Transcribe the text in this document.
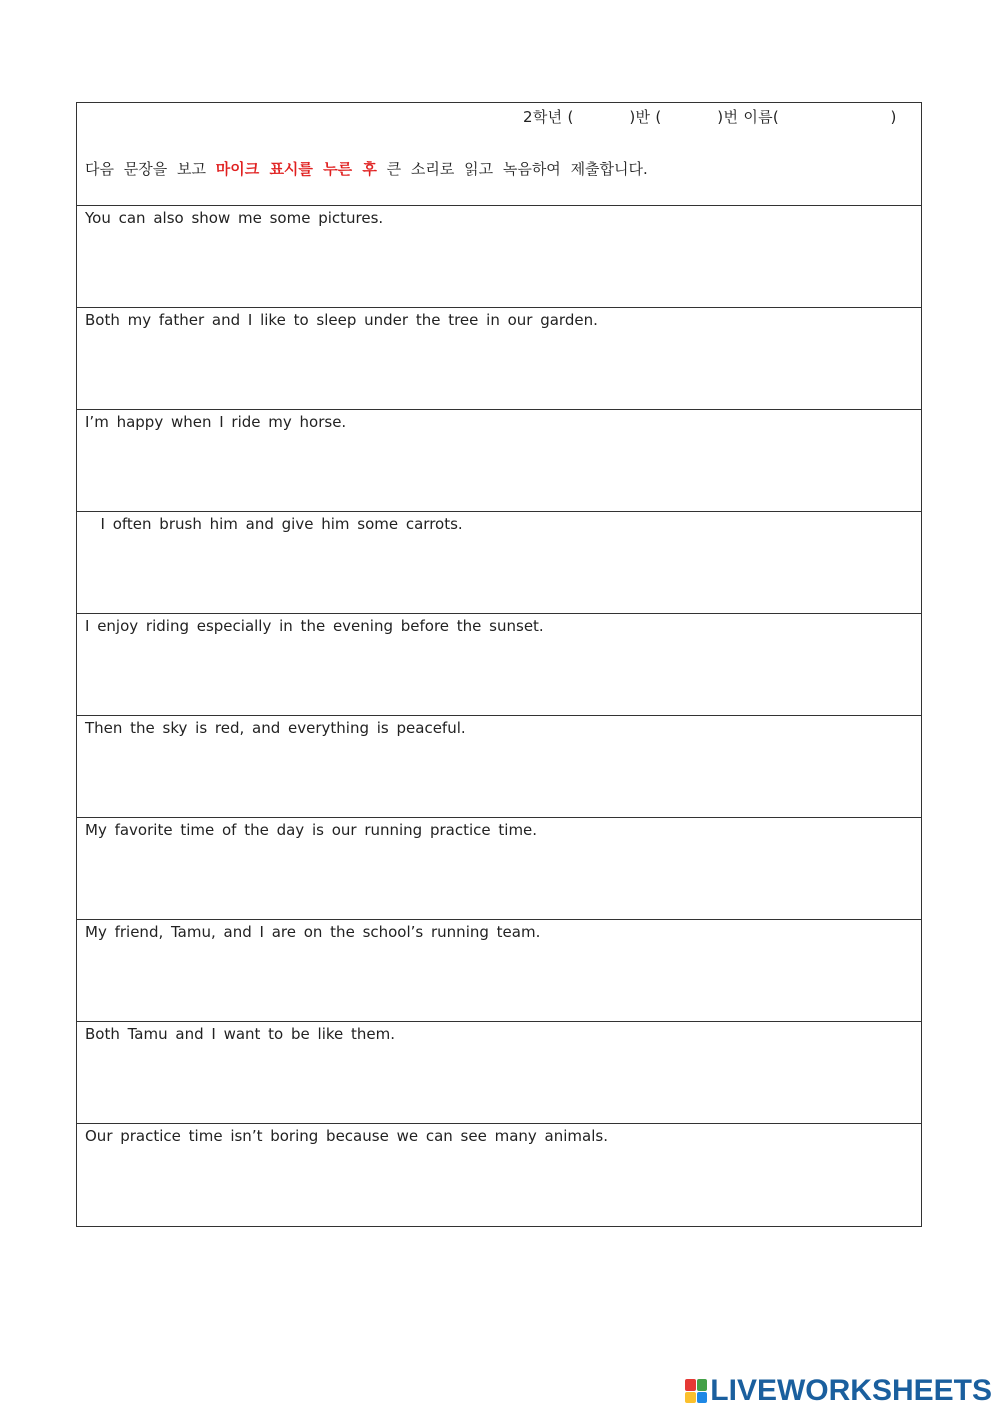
2학년 (           )반 (           )번 이름(                      )
다음 문장을 보고 마이크 표시를 누른 후 큰 소리로 읽고 녹음하여 제출합니다.
You can also show me some pictures.
Both my father and I like to sleep under the tree in our garden.
I’m happy when I ride my horse.
I often brush him and give him some carrots.
I enjoy riding especially in the evening before the sunset.
Then the sky is red, and everything is peaceful.
My favorite time of the day is our running practice time.
My friend, Tamu, and I are on the school’s running team.
Both Tamu and I want to be like them.
Our practice time isn’t boring because we can see many animals.
LIVEWORKSHEETS
